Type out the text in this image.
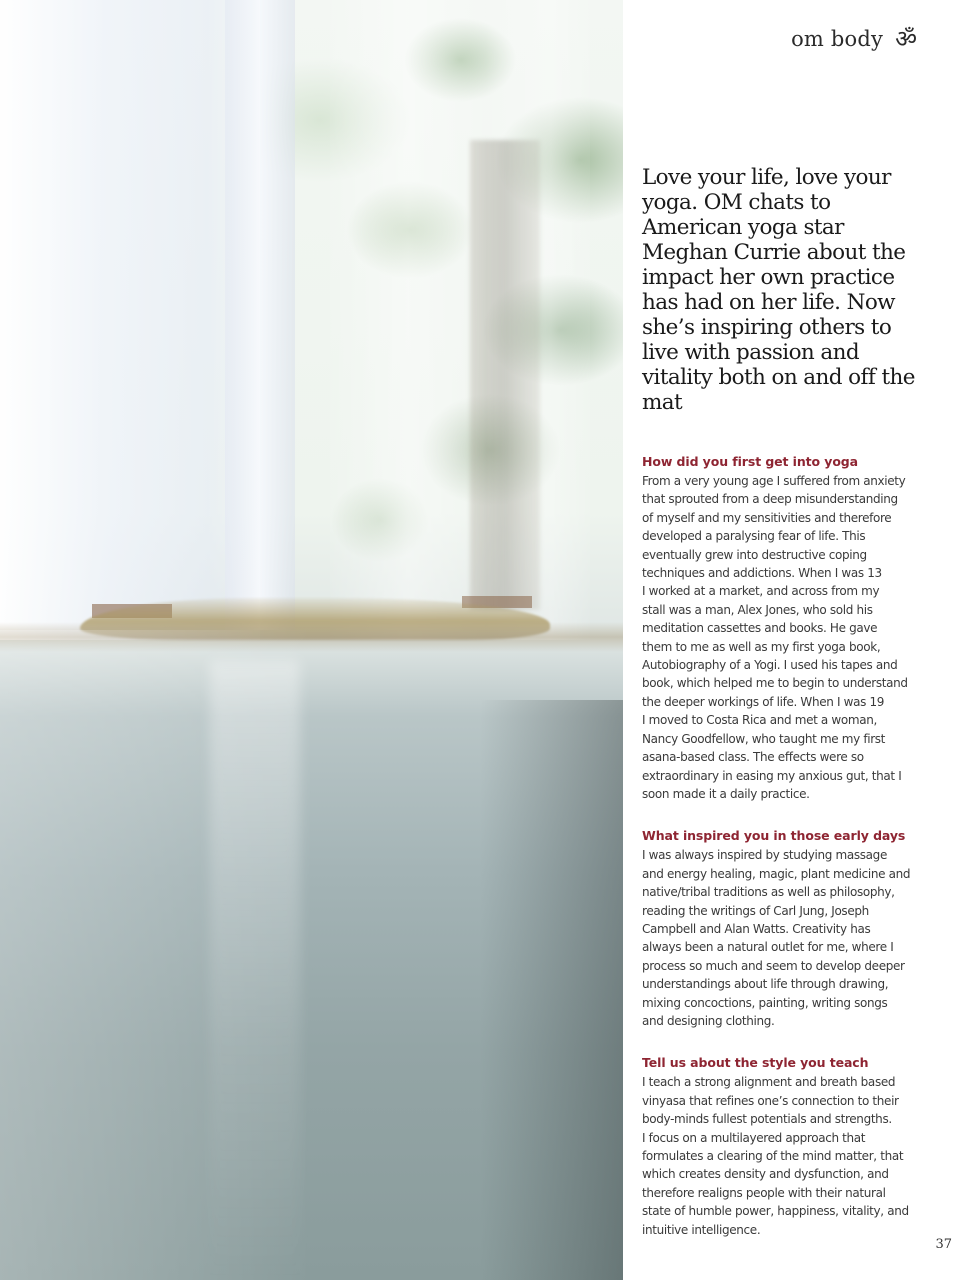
om body ॐ

Love your life, love your yoga. OM chats to American yoga star Meghan Currie about the impact her own practice has had on her life. Now she’s inspiring others to live with passion and vitality both on and off the mat

How did you first get into yoga

From a very young age I suffered from anxiety
that sprouted from a deep misunderstanding
of myself and my sensitivities and therefore
developed a paralysing fear of life. This
eventually grew into destructive coping
techniques and addictions. When I was 13
I worked at a market, and across from my
stall was a man, Alex Jones, who sold his
meditation cassettes and books. He gave
them to me as well as my first yoga book,
Autobiography of a Yogi. I used his tapes and
book, which helped me to begin to understand
the deeper workings of life. When I was 19
I moved to Costa Rica and met a woman,
Nancy Goodfellow, who taught me my first
asana-based class. The effects were so
extraordinary in easing my anxious gut, that I
soon made it a daily practice.

What inspired you in those early days

I was always inspired by studying massage
and energy healing, magic, plant medicine and
native/tribal traditions as well as philosophy,
reading the writings of Carl Jung, Joseph
Campbell and Alan Watts. Creativity has
always been a natural outlet for me, where I
process so much and seem to develop deeper
understandings about life through drawing,
mixing concoctions, painting, writing songs
and designing clothing.

Tell us about the style you teach

I teach a strong alignment and breath based
vinyasa that refines one’s connection to their
body-minds fullest potentials and strengths.
I focus on a multilayered approach that
formulates a clearing of the mind matter, that
which creates density and dysfunction, and
therefore realigns people with their natural
state of humble power, happiness, vitality, and
intuitive intelligence.

37
